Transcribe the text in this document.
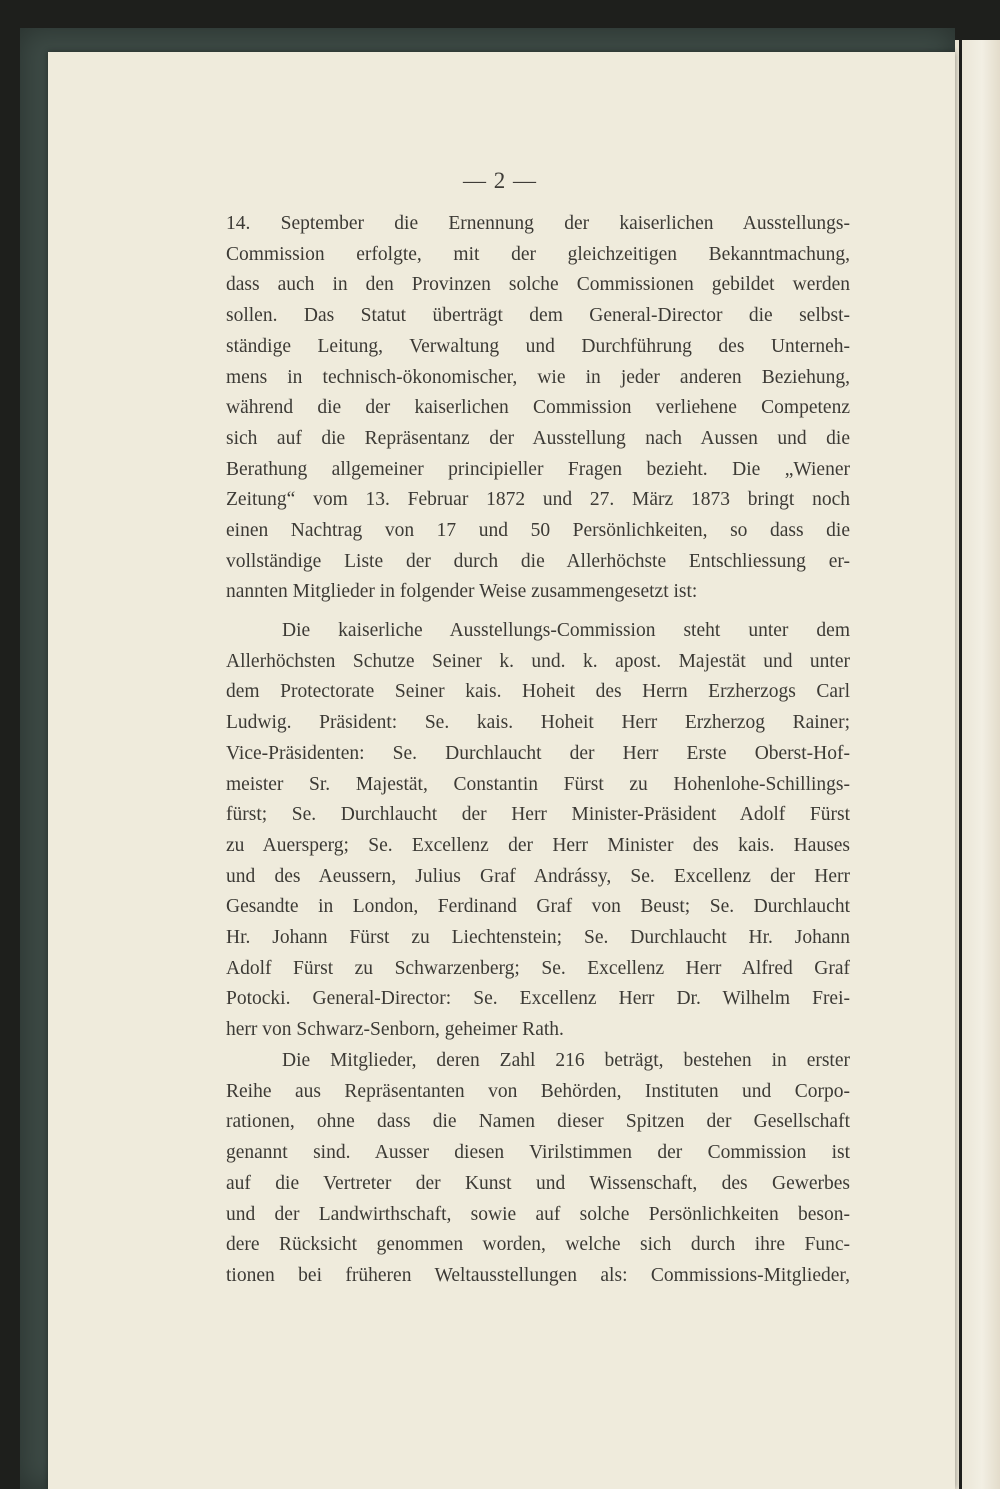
— 2 —
14. September die Ernennung der kaiserlichen Ausstellungs-
Commission erfolgte, mit der gleichzeitigen Bekanntmachung,
dass auch in den Provinzen solche Commissionen gebildet werden
sollen. Das Statut überträgt dem General-Director die selbst-
ständige Leitung, Verwaltung und Durchführung des Unterneh-
mens in technisch-ökonomischer, wie in jeder anderen Beziehung,
während die der kaiserlichen Commission verliehene Competenz
sich auf die Repräsentanz der Ausstellung nach Aussen und die
Berathung allgemeiner principieller Fragen bezieht. Die „Wiener
Zeitung“ vom 13. Februar 1872 und 27. März 1873 bringt noch
einen Nachtrag von 17 und 50 Persönlichkeiten, so dass die
vollständige Liste der durch die Allerhöchste Entschliessung er-
nannten Mitglieder in folgender Weise zusammengesetzt ist:
Die kaiserliche Ausstellungs-Commission steht unter dem
Allerhöchsten Schutze Seiner k. und. k. apost. Majestät und unter
dem Protectorate Seiner kais. Hoheit des Herrn Erzherzogs Carl
Ludwig. Präsident: Se. kais. Hoheit Herr Erzherzog Rainer;
Vice-Präsidenten: Se. Durchlaucht der Herr Erste Oberst-Hof-
meister Sr. Majestät, Constantin Fürst zu Hohenlohe-Schillings-
fürst; Se. Durchlaucht der Herr Minister-Präsident Adolf Fürst
zu Auersperg; Se. Excellenz der Herr Minister des kais. Hauses
und des Aeussern, Julius Graf Andrássy, Se. Excellenz der Herr
Gesandte in London, Ferdinand Graf von Beust; Se. Durchlaucht
Hr. Johann Fürst zu Liechtenstein; Se. Durchlaucht Hr. Johann
Adolf Fürst zu Schwarzenberg; Se. Excellenz Herr Alfred Graf
Potocki. General-Director: Se. Excellenz Herr Dr. Wilhelm Frei-
herr von Schwarz-Senborn, geheimer Rath.
Die Mitglieder, deren Zahl 216 beträgt, bestehen in erster
Reihe aus Repräsentanten von Behörden, Instituten und Corpo-
rationen, ohne dass die Namen dieser Spitzen der Gesellschaft
genannt sind. Ausser diesen Virilstimmen der Commission ist
auf die Vertreter der Kunst und Wissenschaft, des Gewerbes
und der Landwirthschaft, sowie auf solche Persönlichkeiten beson-
dere Rücksicht genommen worden, welche sich durch ihre Func-
tionen bei früheren Weltausstellungen als: Commissions-Mitglieder,
